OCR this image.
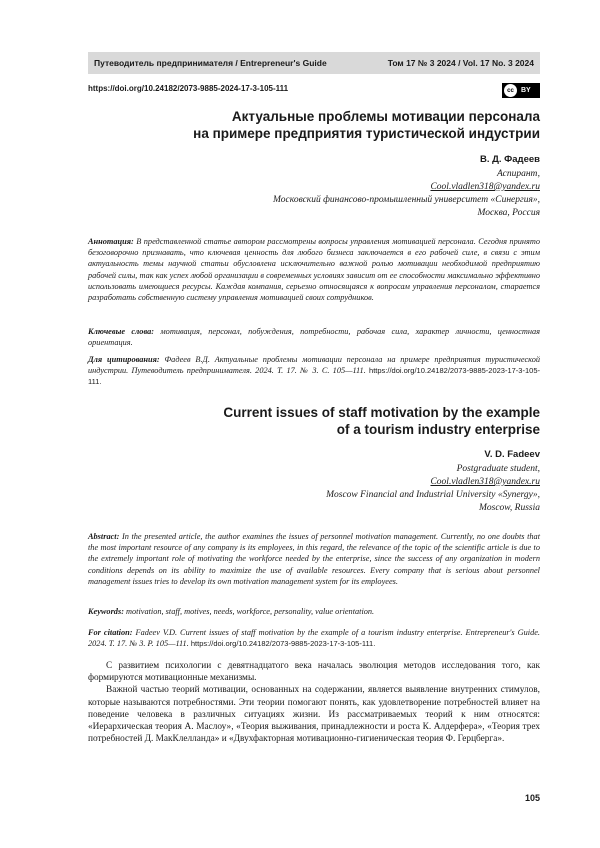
Путеводитель предпринимателя / Entrepreneur's Guide	Том 17 № 3 2024 / Vol. 17 No. 3 2024
https://doi.org/10.24182/2073-9885-2024-17-3-105-111	cc	BY
Актуальные проблемы мотивации персонала
на примере предприятия туристической индустрии
В. Д. Фадеев
Аспирант,
Cool.vladlen318@yandex.ru
Московский финансово-промышленный университет «Синергия»,
Москва, Россия
Аннотация: В представленной статье автором рассмотрены вопросы управления мотивацией персонала. Сегодня принято безоговорочно признавать, что ключевая ценность для любого бизнеса заключается в его рабочей силе, в связи с этим актуальность темы научной статьи обусловлена исключительно важной ролью мотивации необходимой предприятию рабочей силы, так как успех любой организации в современных условиях зависит от ее способности максимально эффективно использовать имеющиеся ресурсы. Каждая компания, серьезно относящаяся к вопросам управления персоналом, старается разработать собственную систему управления мотивацией своих сотрудников.
Ключевые слова: мотивация, персонал, побуждения, потребности, рабочая сила, характер личности, ценностная ориентация.
Для цитирования: Фадеев В.Д. Актуальные проблемы мотивации персонала на примере предприятия туристической индустрии. Путеводитель предпринимателя. 2024. Т. 17. № 3. С. 105—111. https://doi.org/10.24182/2073-9885-2023-17-3-105-111.
Current issues of staff motivation by the example
of a tourism industry enterprise
V. D. Fadeev
Postgraduate student,
Cool.vladlen318@yandex.ru
Moscow Financial and Industrial University «Synergy»,
Moscow, Russia
Abstract: In the presented article, the author examines the issues of personnel motivation management. Currently, no one doubts that the most important resource of any company is its employees, in this regard, the relevance of the topic of the scientific article is due to the extremely important role of motivating the workforce needed by the enterprise, since the success of any organization in modern conditions depends on its ability to maximize the use of available resources. Every company that is serious about personnel management issues tries to develop its own motivation management system for its employees.
Keywords: motivation, staff, motives, needs, workforce, personality, value orientation.
For citation: Fadeev V.D. Current issues of staff motivation by the example of a tourism industry enterprise. Entrepreneur's Guide. 2024. T. 17. № 3. P. 105—111. https://doi.org/10.24182/2073-9885-2023-17-3-105-111.

С развитием психологии с девятнадцатого века началась эволюция методов исследования того, как формируются мотивационные механизмы.

Важной частью теорий мотивации, основанных на содержании, является выявление внутренних стимулов, которые называются потребностями. Эти теории помогают понять, как удовлетворение потребностей влияет на поведение человека в различных ситуациях жизни. Из рассматриваемых теорий к ним относятся: «Иерархическая теория А. Маслоу», «Теория выживания, принадлежности и роста К. Алдерфера», «Теория трех потребностей Д. МакКлелланда» и «Двухфакторная мотивационно-гигиеническая теория Ф. Герцберга».

105
